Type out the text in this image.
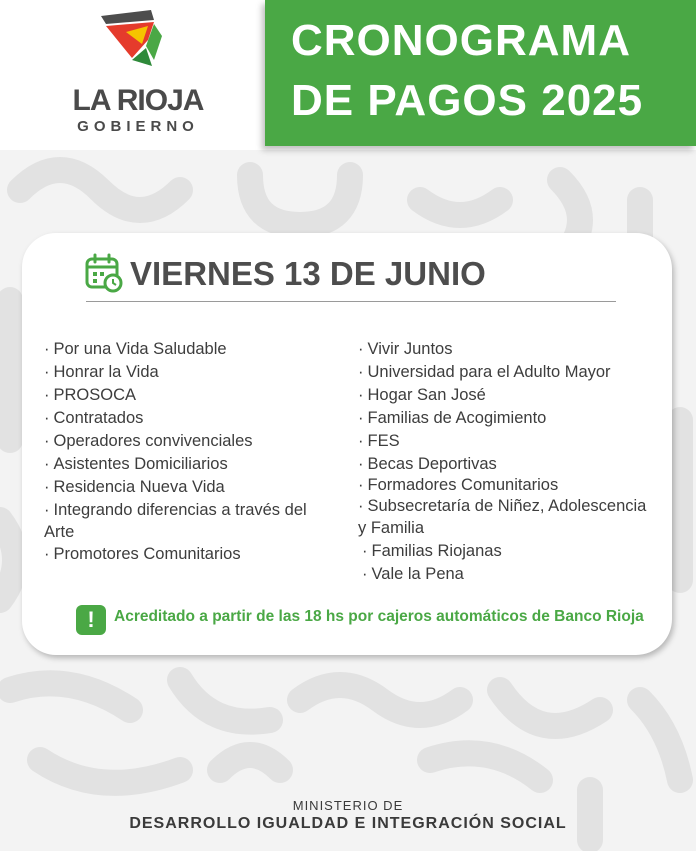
LA RIOJA
GOBIERNO
CRONOGRAMA
DE PAGOS 2025
VIERNES 13 DE JUNIO
· Por una Vida Saludable
· Honrar la Vida
· PROSOCA
· Contratados
· Operadores convivenciales
· Asistentes Domiciliarios
· Residencia Nueva Vida
· Integrando diferencias a través del Arte
· Promotores Comunitarios
· Vivir Juntos
· Universidad para el Adulto Mayor
· Hogar San José
· Familias de Acogimiento
· FES
· Becas Deportivas
· Formadores Comunitarios
· Subsecretaría de Niñez, Adolescencia y Familia
· Familias Riojanas
· Vale la Pena
!	Acreditado a partir de las 18 hs por cajeros automáticos de Banco Rioja
MINISTERIO DE
DESARROLLO IGUALDAD E INTEGRACIÓN SOCIAL
